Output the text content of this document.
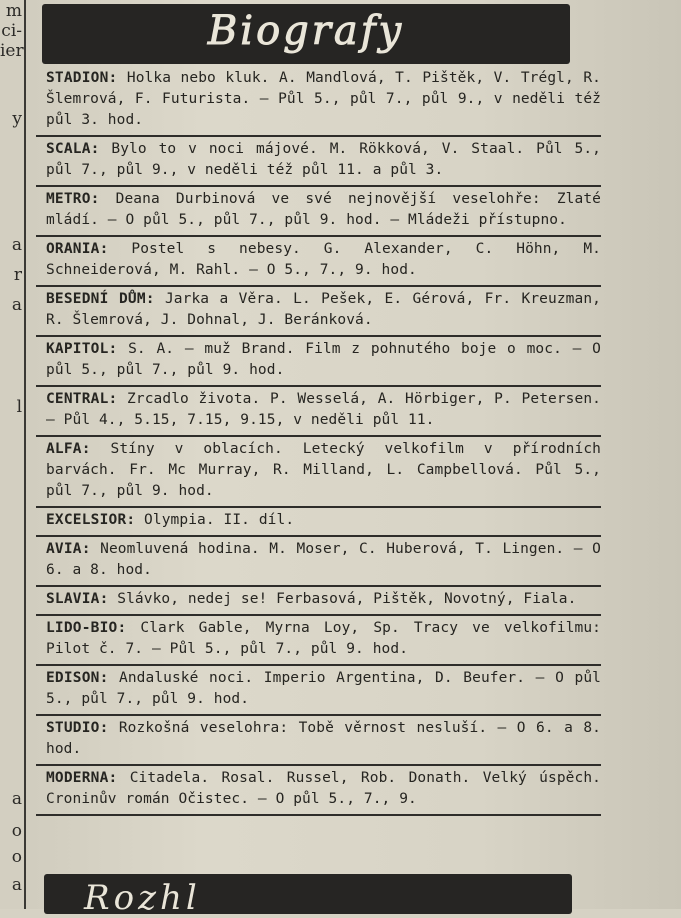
m
ci-
ier
y
a
r
a
l
a
o
o
a
Biografy
STADION: Holka nebo kluk. A. Mandlová, T. Pištěk, V. Trégl, R. Šlemrová, F. Futurista. — Půl 5., půl 7., půl 9., v neděli též půl 3. hod.
SCALA: Bylo to v noci májové. M. Rökková, V. Staal. Půl 5., půl 7., půl 9., v neděli též půl 11. a půl 3.
METRO: Deana Durbinová ve své nejnovější veselohře: Zlaté mládí. — O půl 5., půl 7., půl 9. hod. — Mládeži přístupno.
ORANIA: Postel s nebesy. G. Alexander, C. Höhn, M. Schneiderová, M. Rahl. — O 5., 7., 9. hod.
BESEDNÍ DŮM: Jarka a Věra. L. Pešek, E. Gérová, Fr. Kreuzman, R. Šlemrová, J. Dohnal, J. Beránková.
KAPITOL: S. A. — muž Brand. Film z pohnutého boje o moc. — O půl 5., půl 7., půl 9. hod.
CENTRAL: Zrcadlo života. P. Wesselá, A. Hörbiger, P. Petersen. — Půl 4., 5.15, 7.15, 9.15, v neděli půl 11.
ALFA: Stíny v oblacích. Letecký velkofilm v přírodních barvách. Fr. Mc Murray, R. Milland, L. Campbellová. Půl 5., půl 7., půl 9. hod.
EXCELSIOR: Olympia. II. díl.
AVIA: Neomluvená hodina. M. Moser, C. Huberová, T. Lingen. — O 6. a 8. hod.
SLAVIA: Slávko, nedej se! Ferbasová, Pištěk, Novotný, Fiala.
LIDO-BIO: Clark Gable, Myrna Loy, Sp. Tracy ve velkofilmu: Pilot č. 7. — Půl 5., půl 7., půl 9. hod.
EDISON: Andaluské noci. Imperio Argentina, D. Beufer. — O půl 5., půl 7., půl 9. hod.
STUDIO: Rozkošná veselohra: Tobě věrnost nesluší. — O 6. a 8. hod.
MODERNA: Citadela. Rosal. Russel, Rob. Donath. Velký úspěch. Croninův román Očistec. — O půl 5., 7., 9.
Rozhl
